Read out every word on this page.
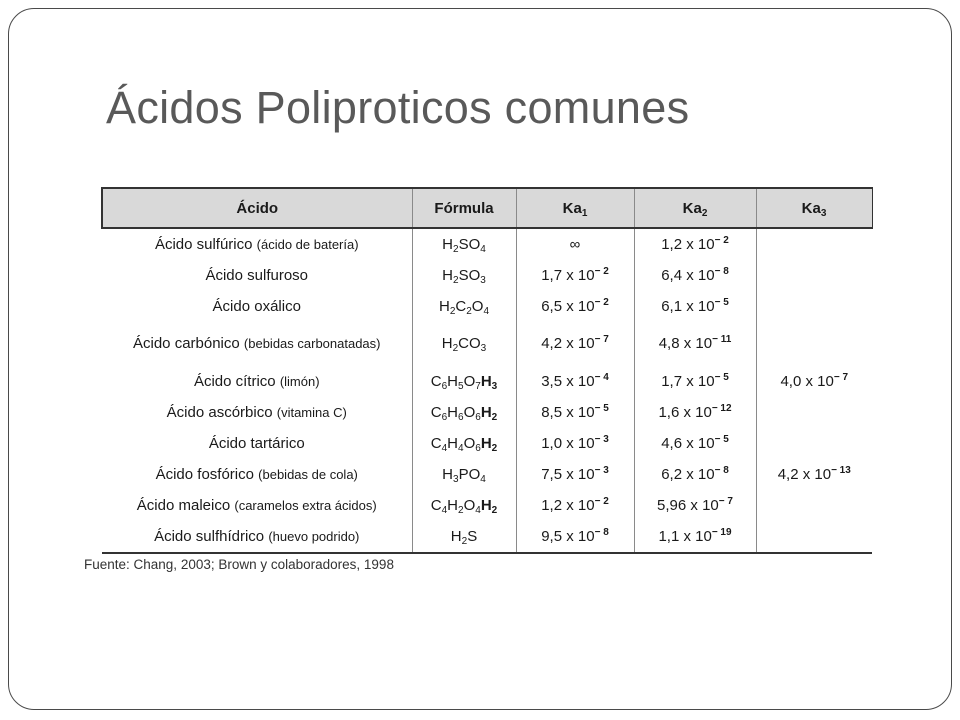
Ácidos Poliproticos comunes
Ácido	Fórmula	$Ka_1$	$Ka_2$	$Ka_3$
Ácido sulfúrico (ácido de batería)	$H_2SO_4$	∞	1,2 x $10^{- 2}$	
Ácido sulfuroso	$H_2SO_3$	1,7 x $10^{- 2}$	6,4 x $10^{- 8}$	
Ácido oxálico	$H_2C_2O_4$	6,5 x $10^{- 2}$	6,1 x $10^{- 5}$	
Ácido carbónico (bebidas carbonatadas)	$H_2CO_3$	4,2 x $10^{- 7}$	4,8 x $10^{- 11}$	
Ácido cítrico (limón)	$C_6H_5O_7H_3$	3,5 x $10^{- 4}$	1,7 x $10^{- 5}$	4,0 x $10^{- 7}$
Ácido ascórbico (vitamina C)	$C_6H_6O_6H_2$	8,5 x $10^{- 5}$	1,6 x $10^{- 12}$	
Ácido tartárico	$C_4H_4O_6H_2$	1,0 x $10^{- 3}$	4,6 x $10^{- 5}$	
Ácido fosfórico (bebidas de cola)	$H_3PO_4$	7,5 x $10^{- 3}$	6,2 x $10^{- 8}$	4,2 x $10^{- 13}$
Ácido maleico (caramelos extra ácidos)	$C_4H_2O_4H_2$	1,2 x $10^{- 2}$	5,96 x $10^{- 7}$	
Ácido sulfhídrico (huevo podrido)	$H_2S$	9,5 x $10^{- 8}$	1,1 x $10^{- 19}$	
Fuente: Chang, 2003; Brown y colaboradores, 1998
